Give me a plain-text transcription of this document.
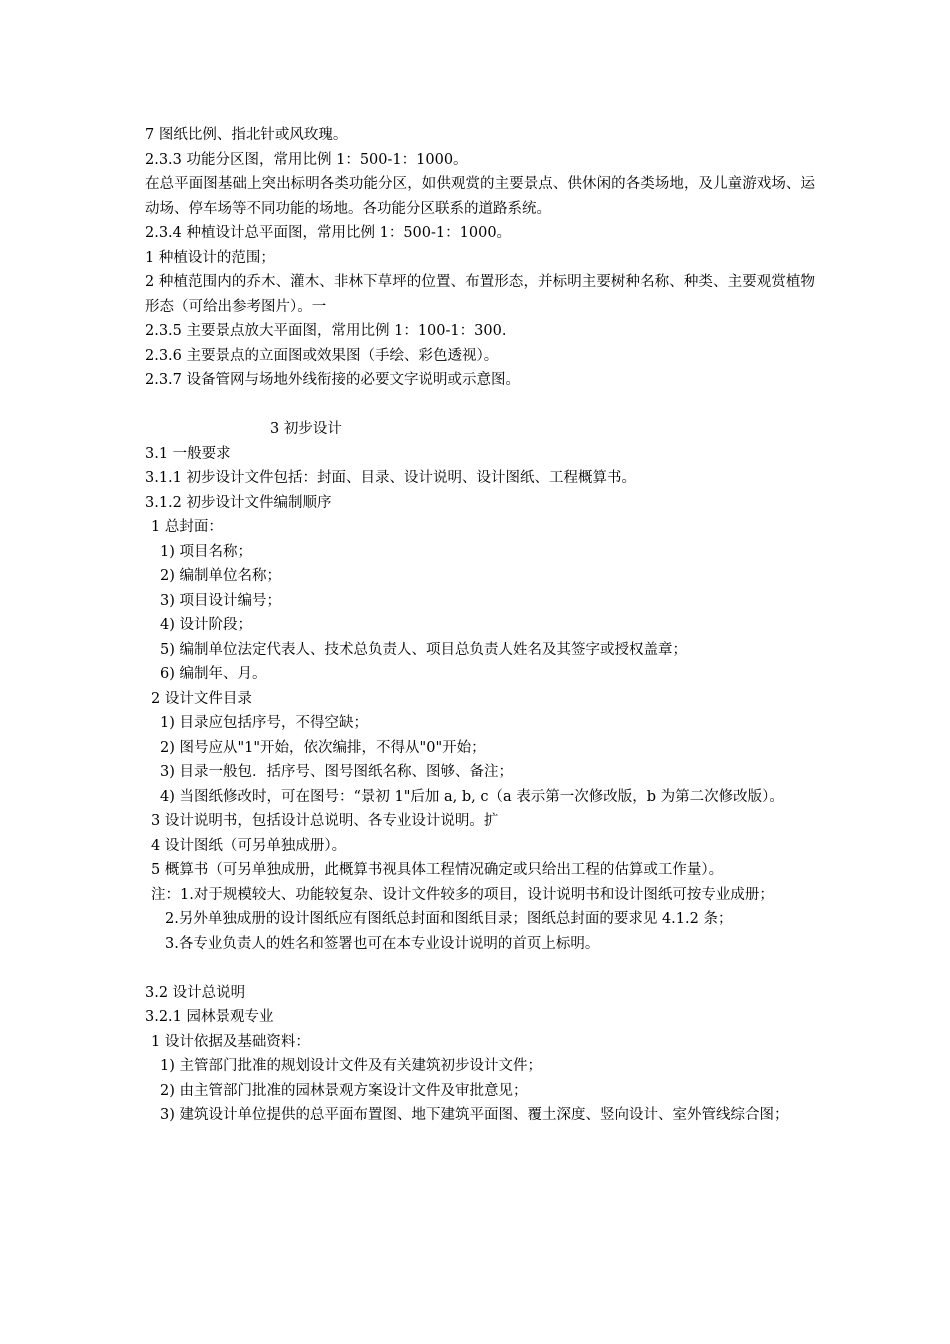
7 图纸比例、指北针或风玫瑰。

2.3.3 功能分区图，常用比例 1：500-1：1000。

在总平面图基础上突出标明各类功能分区，如供观赏的主要景点、供休闲的各类场地，及儿童游戏场、运动场、停车场等不同功能的场地。各功能分区联系的道路系统。

2.3.4 种植设计总平面图，常用比例 1：500-1：1000。

1 种植设计的范围；

2 种植范围内的乔木、灌木、非林下草坪的位置、布置形态，并标明主要树种名称、种类、主要观赏植物形态（可给出参考图片）。一

2.3.5 主要景点放大平面图，常用比例 1：100-1：300.

2.3.6 主要景点的立面图或效果图（手绘、彩色透视）。

2.3.7 设备管网与场地外线衔接的必要文字说明或示意图。

3 初步设计

3.1 一般要求

3.1.1 初步设计文件包括：封面、目录、设计说明、设计图纸、工程概算书。

3.1.2 初步设计文件编制顺序

1 总封面：

1) 项目名称；

2) 编制单位名称；

3) 项目设计编号；

4) 设计阶段；

5) 编制单位法定代表人、技术总负责人、项目总负责人姓名及其签字或授权盖章；

6) 编制年、月。

2 设计文件目录

1) 目录应包括序号，不得空缺；

2) 图号应从"1"开始，依次编排，不得从"0"开始；

3) 目录一般包．括序号、图号图纸名称、图够、备注；

4) 当图纸修改时，可在图号：“景初 1"后加 a, b, c（a 表示第一次修改版，b 为第二次修改版）。

3 设计说明书，包括设计总说明、各专业设计说明。扩

4 设计图纸（可另单独成册）。

5 概算书（可另单独成册，此概算书视具体工程情况确定或只给出工程的估算或工作量）。

注：1.对于规模较大、功能较复杂、设计文件较多的项目，设计说明书和设计图纸可按专业成册；

2.另外单独成册的设计图纸应有图纸总封面和图纸目录；图纸总封面的要求见 4.1.2 条；

3.各专业负责人的姓名和签署也可在本专业设计说明的首页上标明。

3.2 设计总说明

3.2.1 园林景观专业

1 设计依据及基础资料：

1) 主管部门批准的规划设计文件及有关建筑初步设计文件；

2) 由主管部门批准的园林景观方案设计文件及审批意见；

3) 建筑设计单位提供的总平面布置图、地下建筑平面图、覆土深度、竖向设计、室外管线综合图；
